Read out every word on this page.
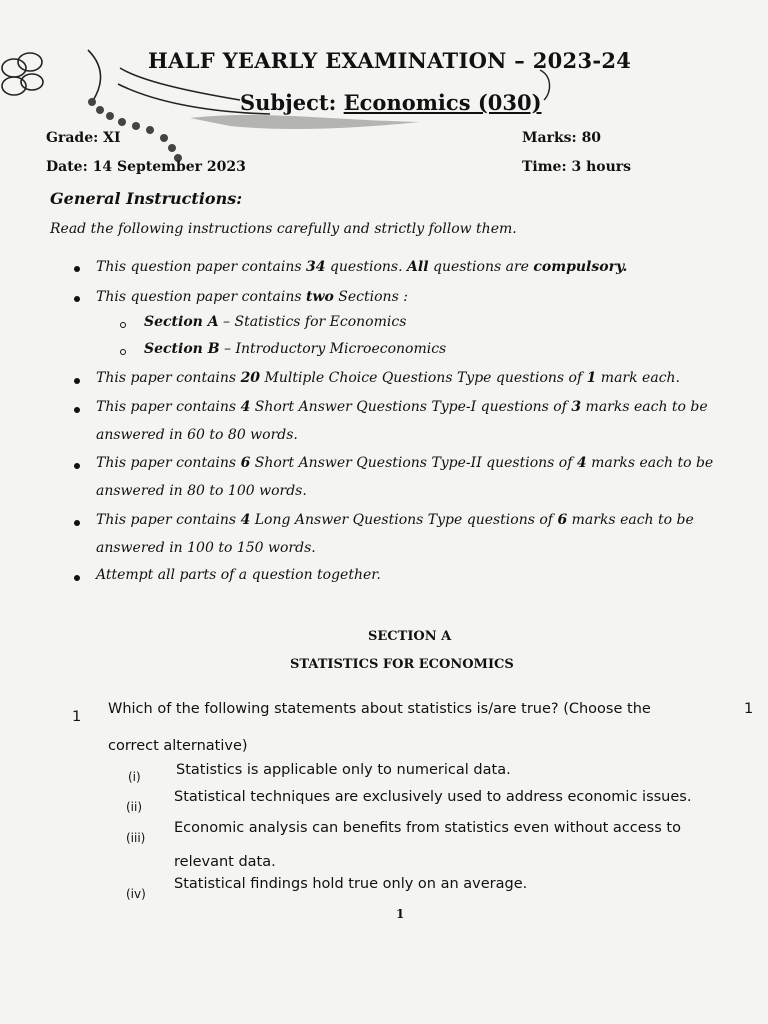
HALF YEARLY EXAMINATION – 2023-24
Subject: Economics (030)
Grade: XI	Marks: 80
Date: 14 September 2023	Time: 3 hours
General Instructions:
Read the following instructions carefully and strictly follow them.
This question paper contains 34 questions. All questions are compulsory.
This question paper contains two Sections :
Section A – Statistics for Economics
Section B – Introductory Microeconomics
This paper contains 20 Multiple Choice Questions Type questions of 1 mark each.
This paper contains 4 Short Answer Questions Type-I questions of 3 marks each to be
answered in 60 to 80 words.
This paper contains 6 Short Answer Questions Type-II questions of 4 marks each to be
answered in 80 to 100 words.
This paper contains 4 Long Answer Questions Type questions of 6 marks each to be
answered in 100 to 150 words.
Attempt all parts of a question together.
SECTION A
STATISTICS FOR ECONOMICS
1 Which of the following statements about statistics is/are true? (Choose the	1
correct alternative)
(i) Statistics is applicable only to numerical data.
(ii)
Statistical techniques are exclusively used to address economic issues.
(iii)
Economic analysis can benefits from statistics even without access to
relevant data.
(iv)
Statistical findings hold true only on an average.
1
